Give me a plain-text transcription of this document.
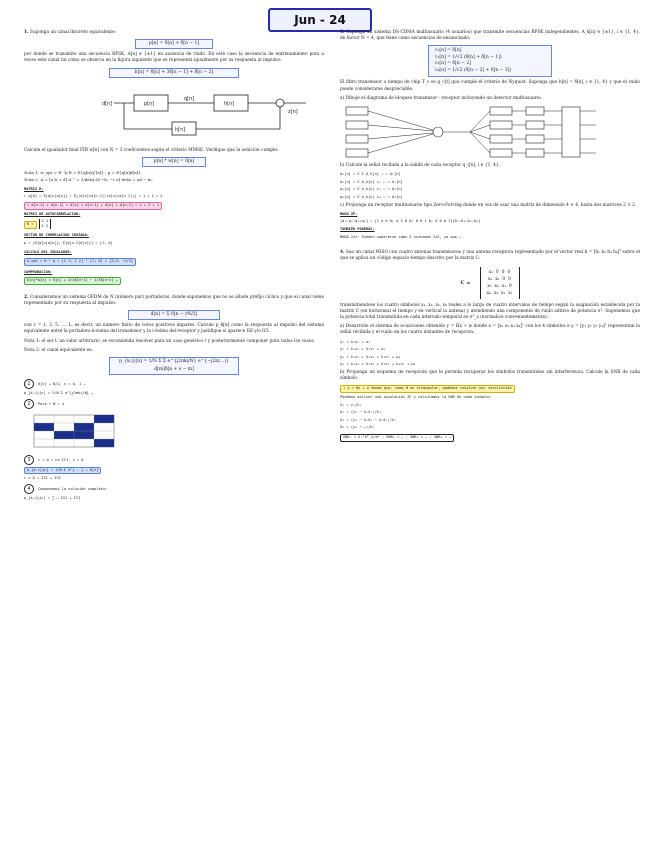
Jun - 24

1. Suponga un canal discreto equivalente:

p[n] = δ[n] + δ[n − 1]

por donde se transmite una secuencia BPSK, A[n] ∈ {±1} en ausencia de ruido. En este caso la secuencia de entrenamiento para a veces este canal tal como se observa en la figura siguiente que se representa igualmente por su respuesta al impulso:

h[n] = δ[n] + 3δ[n − 1] + δ[n − 2]
d[n]	p[n]
q[n]
h[n]
h[n]
z[n]

Calcule el igualador final FIR w[n] con N = 3 coeficientes según el criterio MMSE. Verifique que la solución cumple:

p[n] * w[n] = δ[n]

Nota 1: w_opt = R⁻¹p R = E{q[n]qᵀ[n]} ; p = E{q[n]d[n]}

Nota 2: A = [a b; c d] A⁻¹ = 1/detA [d −b; −c a] detA = ad − bc

MATRIZ R:

r_q[0] = E{q[n]q[n]} = E{(d[n]+d[n-1])(d[n]+d[n-1])} = 1 + 1 = 2

= d[n-1] + d[n-1] = d[n] + d[n-1] + d[n] + d[n-1] = 2 + 2 + 1

MATRIZ DE AUTOCORRELACION:

R = 2 1
1 2

VECTOR DE CORRELACION CRUZADA:

p = [E{q[n]d[n]}; E{q[n-1]d[n]}] = [1; 0]

CALCULO DEL IGUALADOR:

w_opt = R⁻¹ p = [2 1; 1 2]⁻¹ [1; 0] = [2/3; −1/3]

COMPROBACION:

p[n]*w[n] = δ[n] + 2/3δ[n−1] − 1/3δ[n−2] …

2. Consideremos un sistema OFDM de N (número par) portadoras, donde suponemos que no se añade prefijo cíclico y que el canal viene representado por su respuesta al impulso:

d[n] = Σ δ[n − rN/2]

con r = 1, 3, 5, …, L, es decir, un número finito de ceros positivos impares. Calcule p_k[n] como la respuesta al impulso del sistema equivalente entre la portadora k-ésima del transmisor y la i-ésima del receptor y justifique si aparece ISI y/o ICI.

Nota 1: el ser L un valor arbitrario, se recomienda resolver para un caso genérico r y posteriormente componer para todos los casos.

Nota 2: el canal equivalente es:

p_{k,i}[n] = 1/N Σ Σ e^{j2πki/N} e^{−j2π(...)} d[m]δ[n + s − m]

1 δ[n] → N/2, n = 0, 1 …

p_{k,i}[n] = 1/N Σ e^{j2πki/N} …

2 Para • N = 4

3 r = 0 → no ICI, n = 0

p_{k,i}[n] = 1/N Σ e^{...} → δ[n]

r ≠ 0 → ISI + ICI

4 Componemos la solución completa:

p_{k,i}[n] = ∑ … ISI + ICI

3. Suponga un sistema DS-CDMA multiusuario (4 usuarios) que transmite secuencias BPSK independientes, A_k[n] ∈ {±1}, i ∈ {1, 4}, de factor N = 4, que tiene como secuencias de ensanchado:

c₁[n] = δ[n]
c₂[n] = 1/√2 (δ[n] + δ[n − 1])
c₃[n] = δ[n − 2]
c₄[n] = 1/√2 (δ[n − 2] + δ[n − 3])

El filtro transmisor a tiempo de chip T_c es g_c[t] que cumple el criterio de Nyquist. Suponga que h[n] = δ[n], i ∈ {1, 4} y que el ruido puede considerarse despreciable.

a) Dibuje el diagrama de bloques transmisor - receptor incluyendo un detector multiusuario.

b) Calcule la señal recibida a la salida de cada receptor q_i[n], i ∈ {1, 4}.

q₁[n] = Σ Σ A_k[n] … = A₁[n]

q₂[n] = Σ A_k[n] c₂ … = A₂[n]

q₃[n] = Σ A_k[n] c₃ … = A₃[n]

q₄[n] = Σ A_k[n] c₄ … = A₄[n]

c) Proponga un receptor multiusuario tipo Zero-Forcing donde en vez de usar una matriz de dimensión 4 × 4, basta dos matrices 2 × 2.

MODO ZF:

[q₁;q₂;q₃;q₄] = [1 a 0 0; a 1 0 0; 0 0 1 b; 0 0 b 1][A₁;A₂;A₃;A₄]

TAMBIEN PODEMOS:

MODO 2x2: Pueden separarse como 2 sistemas 2x2, ya que …

4. Sea un canal MISO con cuatro antenas transmisoras y una antena receptora representado por el vector real h = [h₁ h₂ h₃ h₄]ᵀ sobre el que se aplica un código espacio-tiempo descrito por la matriz C:

C = x₁ 0 0 0
x₂ x₁ 0 0
x₃ x₂ x₁ 0
x₄ x₃ x₂ x₁

transmitiendose los cuatro símbolos x₁, x₂, x₃, x₄ reales a lo largo de cuatro intervalos de tiempo según la asignación establecida por la matriz C (en horizontal el tiempo y en vertical la antena) y atendiendo una componente de ruido aditivo de potencia σ². Suponemos que la potencia total transmitida en cada intervalo temporal es σ²_x (normalice convenientemente).

a) Desarrolle el sistema de ecuaciones obtenido y = Hx + w donde x = [x₁ x₂ x₃ x₄]ᵀ con los 4 símbolos e y = [y₁ y₂ y₃ y₄]ᵀ representan la señal recibida y el ruido en los cuatro instantes de recepción.

y₁ = h₁x₁ + w₁

y₂ = h₁x₂ + h₂x₁ + w₂

y₃ = h₁x₃ + h₂x₂ + h₃x₁ + w₃

y₄ = h₁x₄ + h₂x₃ + h₃x₂ + h₄x₁ + w₄

b) Proponga un esquema de recepción que le permita recuperar los símbolos transmitidos sin interferencia. Calcule la SNR de cada símbolo.

↓ y = Hx + w Vemos que, como H es triangular, podemos resolver por sustitución

Podemos aplicar una igualación ZF y calculamos la SNR de cada símbolo:

x̂₁ = y₁/h₁

x̂₂ = (y₂ − h₂x̂₁)/h₁

x̂₃ = (y₃ − h₂x̂₂ − h₃x̂₁)/h₁

x̂₄ = (y₄ − …)/h₁

SNR₁ = h₁²σ²_x/σ² ; SNR₂ = … ; SNR₃ = … ; SNR₄ = …
